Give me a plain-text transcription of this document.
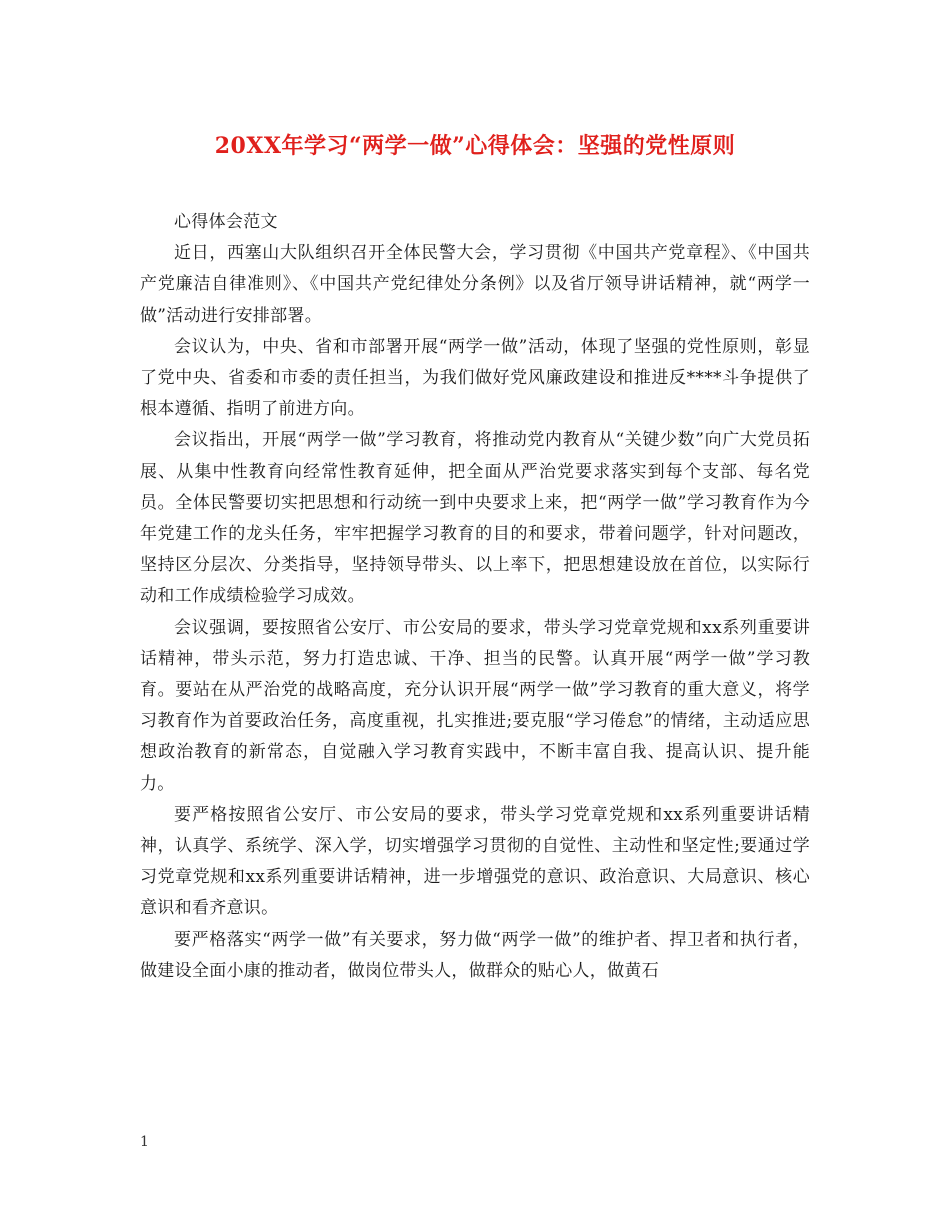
20XX年学习“两学一做”心得体会：坚强的党性原则

心得体会范文

近日，西塞山大队组织召开全体民警大会，学习贯彻《中国共产党章程》、《中国共产党廉洁自律准则》、《中国共产党纪律处分条例》以及省厅领导讲话精神，就“两学一做”活动进行安排部署。

会议认为，中央、省和市部署开展“两学一做”活动，体现了坚强的党性原则，彰显了党中央、省委和市委的责任担当，为我们做好党风廉政建设和推进反****斗争提供了根本遵循、指明了前进方向。

会议指出，开展“两学一做”学习教育，将推动党内教育从“关键少数”向广大党员拓展、从集中性教育向经常性教育延伸，把全面从严治党要求落实到每个支部、每名党员。全体民警要切实把思想和行动统一到中央要求上来，把“两学一做”学习教育作为今年党建工作的龙头任务，牢牢把握学习教育的目的和要求，带着问题学，针对问题改，坚持区分层次、分类指导，坚持领导带头、以上率下，把思想建设放在首位，以实际行动和工作成绩检验学习成效。

会议强调，要按照省公安厅、市公安局的要求，带头学习党章党规和xx系列重要讲话精神，带头示范，努力打造忠诚、干净、担当的民警。认真开展“两学一做”学习教育。要站在从严治党的战略高度，充分认识开展“两学一做”学习教育的重大意义，将学习教育作为首要政治任务，高度重视，扎实推进;要克服“学习倦怠”的情绪，主动适应思想政治教育的新常态，自觉融入学习教育实践中，不断丰富自我、提高认识、提升能力。

要严格按照省公安厅、市公安局的要求，带头学习党章党规和xx系列重要讲话精神，认真学、系统学、深入学，切实增强学习贯彻的自觉性、主动性和坚定性;要通过学习党章党规和xx系列重要讲话精神，进一步增强党的意识、政治意识、大局意识、核心意识和看齐意识。

要严格落实“两学一做”有关要求，努力做“两学一做”的维护者、捍卫者和执行者，做建设全面小康的推动者，做岗位带头人，做群众的贴心人，做黄石

1
